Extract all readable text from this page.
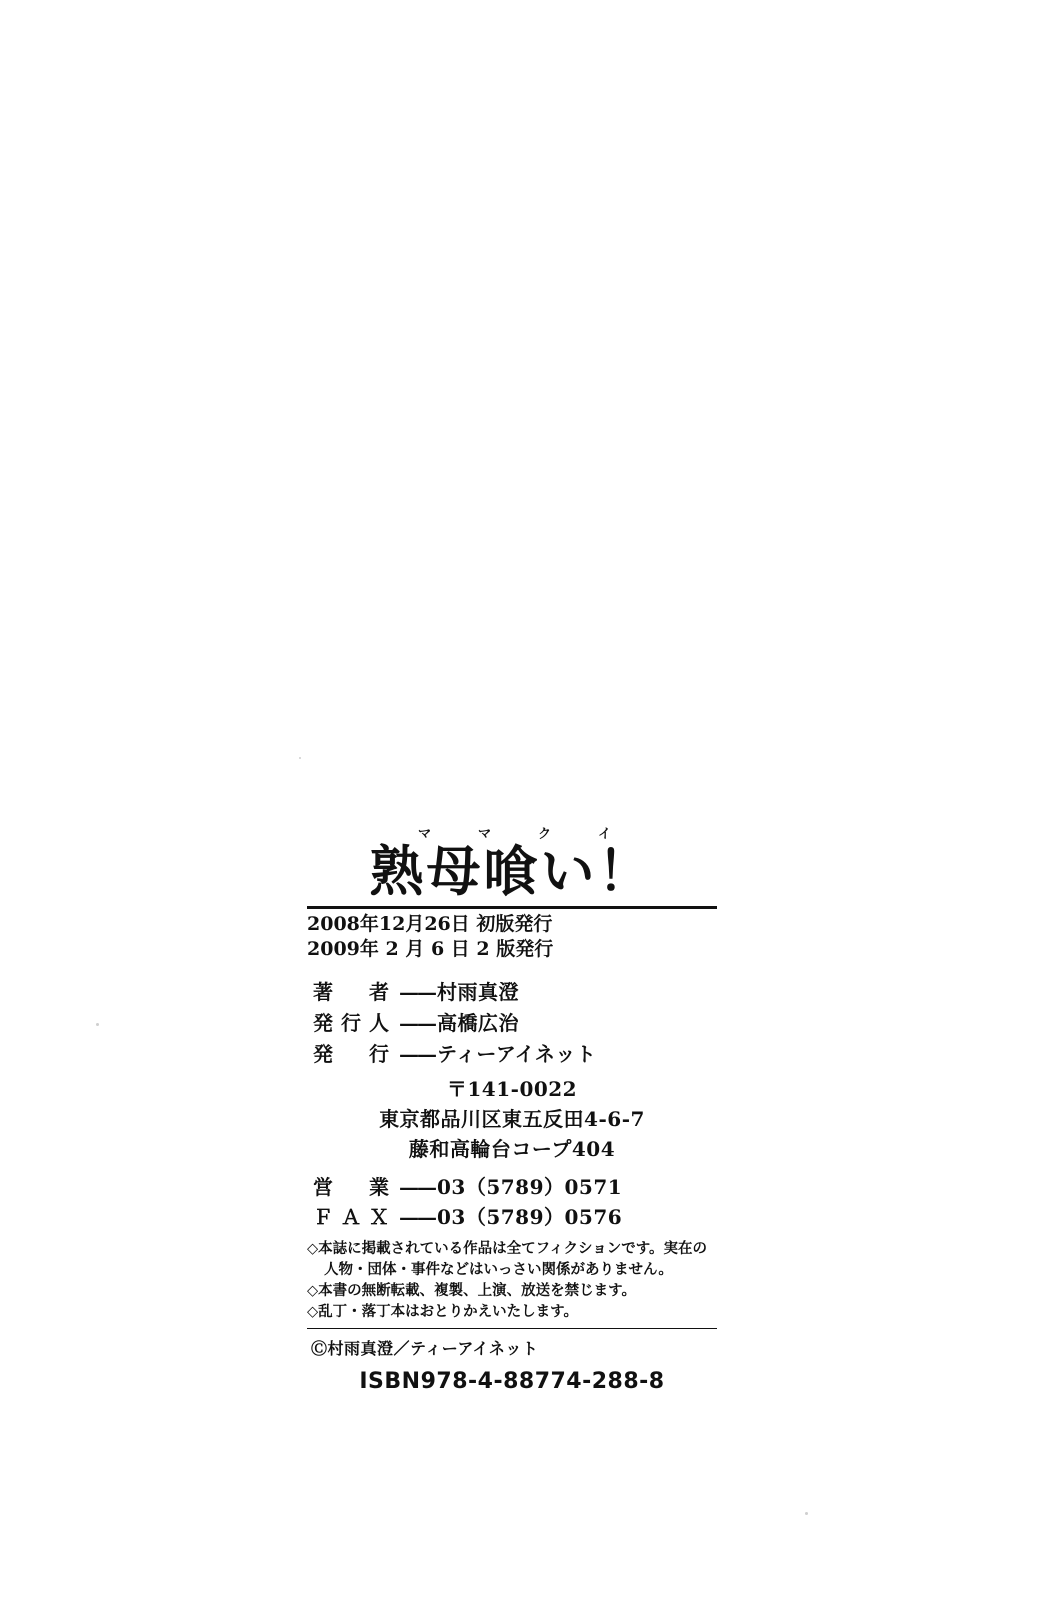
マ	マ	ク	イ
熟母喰い！
2008年12月26日 初版発行
2009年 2 月 6 日 2 版発行
著　者 —— 村雨真澄
発行人 —— 高橋広治
発　行 —— ティーアイネット
〒141-0022
東京都品川区東五反田4-6-7
藤和高輪台コープ404
営　業 —— 03（5789）0571
ＦＡＸ —— 03（5789）0576
◇本誌に掲載されている作品は全てフィクションです。実在の
人物・団体・事件などはいっさい関係がありません。
◇本書の無断転載、複製、上演、放送を禁じます。
◇乱丁・落丁本はおとりかえいたします。
Ⓒ村雨真澄／ティーアイネット
ISBN978-4-88774-288-8
